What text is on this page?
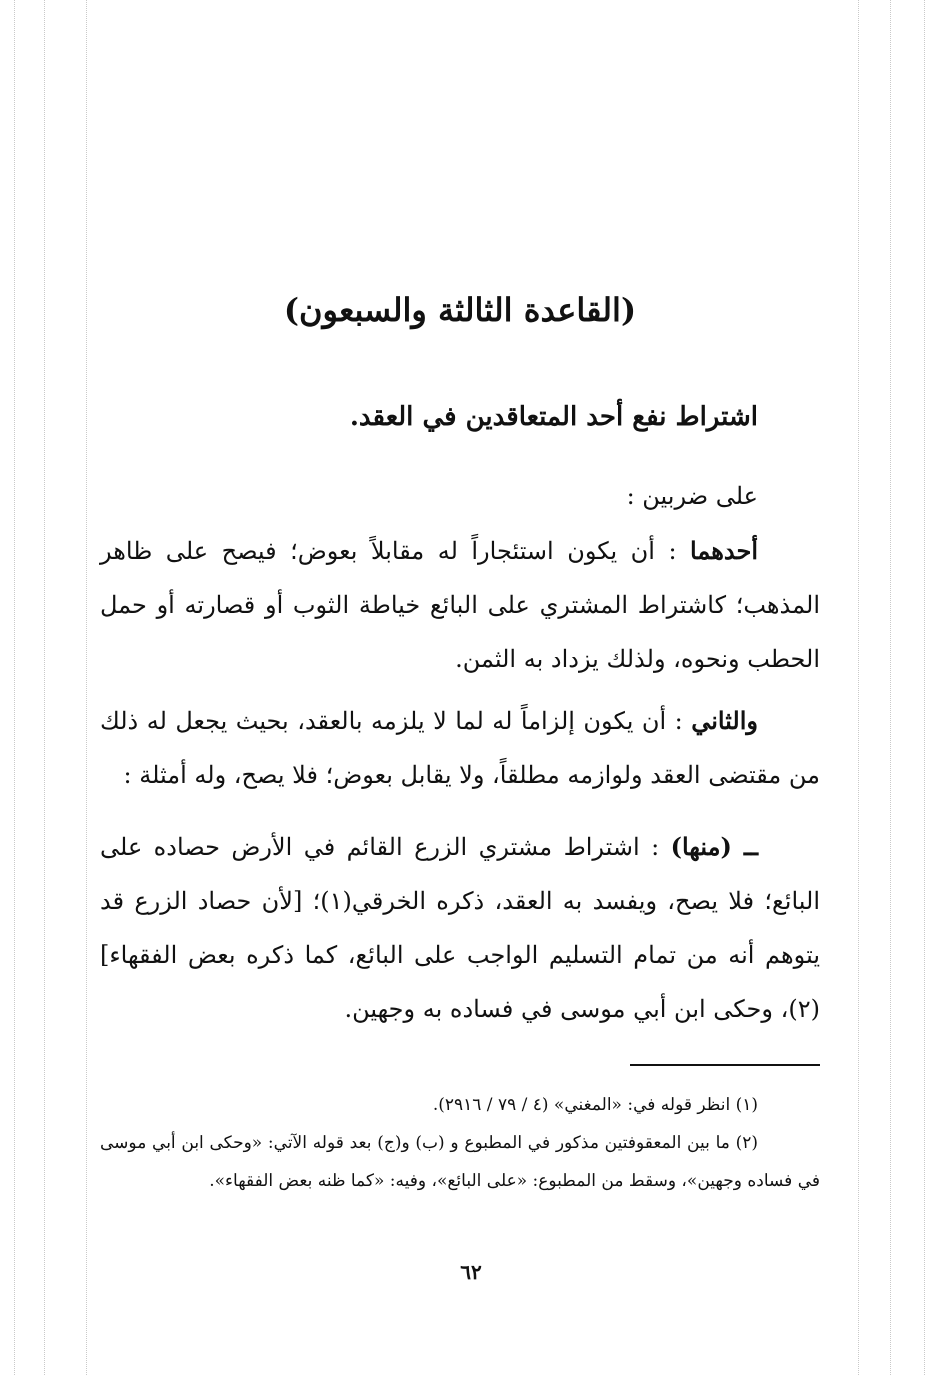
(القاعدة الثالثة والسبعون)
اشتراط نفع أحد المتعاقدين في العقد.

على ضربين :

أحدهما : أن يكون استئجاراً له مقابلاً بعوض؛ فيصح على ظاهر المذهب؛ كاشتراط المشتري على البائع خياطة الثوب أو قصارته أو حمل الحطب ونحوه، ولذلك يزداد به الثمن.

والثاني : أن يكون إلزاماً له لما لا يلزمه بالعقد، بحيث يجعل له ذلك من مقتضى العقد ولوازمه مطلقاً، ولا يقابل بعوض؛ فلا يصح، وله أمثلة :

ــ (منها) : اشتراط مشتري الزرع القائم في الأرض حصاده على البائع؛ فلا يصح، ويفسد به العقد، ذكره الخرقي(١)؛ [لأن حصاد الزرع قد يتوهم أنه من تمام التسليم الواجب على البائع، كما ذكره بعض الفقهاء](٢)، وحكى ابن أبي موسى في فساده به وجهين.

(١) انظر قوله في: «المغني» (٤ / ٧٩ / ٢٩١٦).

(٢) ما بين المعقوفتين مذكور في المطبوع و (ب) و(ج) بعد قوله الآتي: «وحكى ابن أبي موسى في فساده وجهين»، وسقط من المطبوع: «على البائع»، وفيه: «كما ظنه بعض الفقهاء».

٦٢
